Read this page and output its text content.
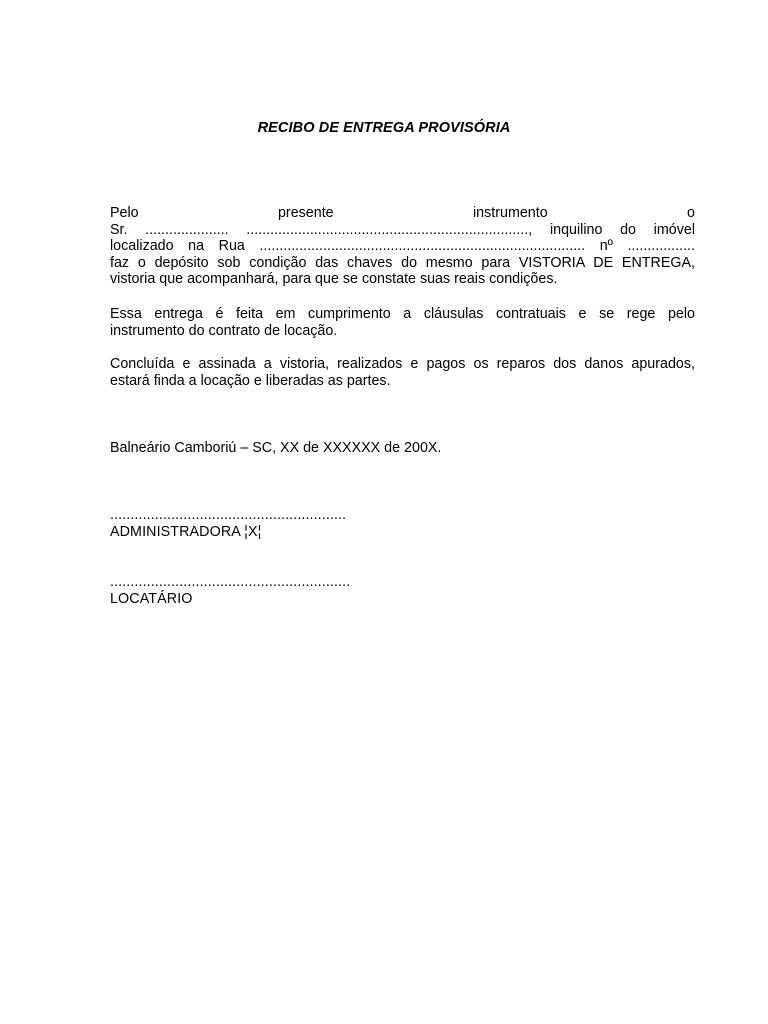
RECIBO DE ENTREGA PROVISÓRIA
Pelo presente instrumento o
Sr. ..................... ......................................................................., inquilino do imóvel
localizado na Rua .................................................................................. nº .................
faz o depósito sob condição das chaves do mesmo para VISTORIA DE ENTREGA,
vistoria que acompanhará, para que se constate suas reais condições.
Essa entrega é feita em cumprimento a cláusulas contratuais e se rege pelo
instrumento do contrato de locação.
Concluída e assinada a vistoria, realizados e pagos os reparos dos danos apurados,
estará finda a locação e liberadas as partes.
Balneário Camboriú – SC, XX de XXXXXX de 200X.
..........................................................
ADMINISTRADORA ¦X¦
...........................................................
LOCATÁRIO
